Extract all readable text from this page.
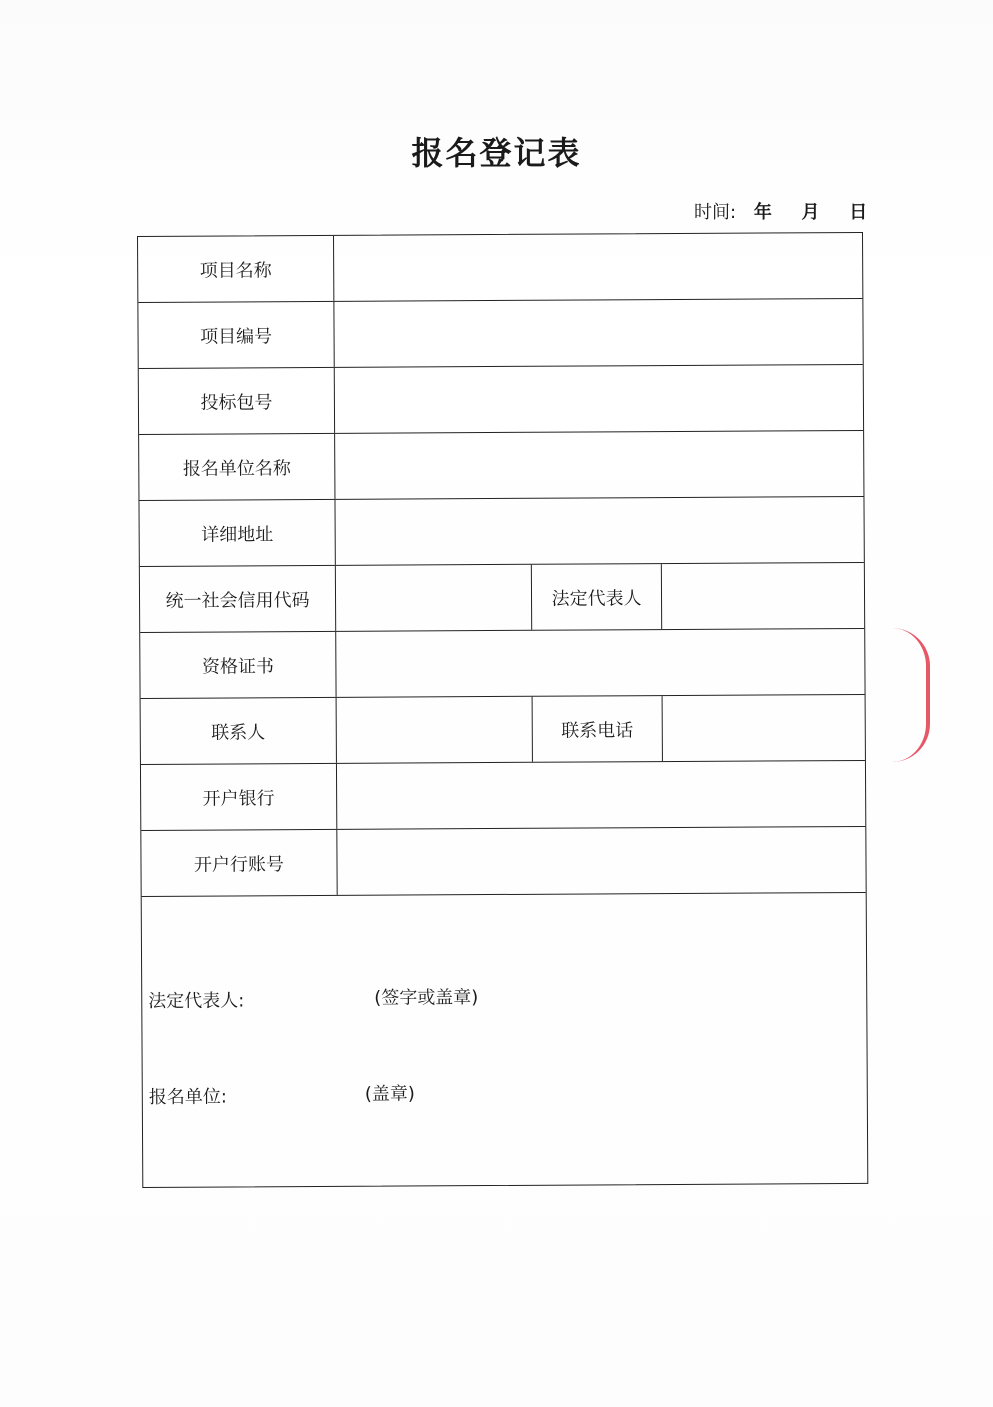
报名登记表
时间: 年 月 日
项目名称
项目编号
投标包号
报名单位名称
详细地址
统一社会信用代码	法定代表人
资格证书
联系人	联系电话
开户银行
开户行账号
法定代表人:	(签字或盖章)
报名单位:	(盖章)
